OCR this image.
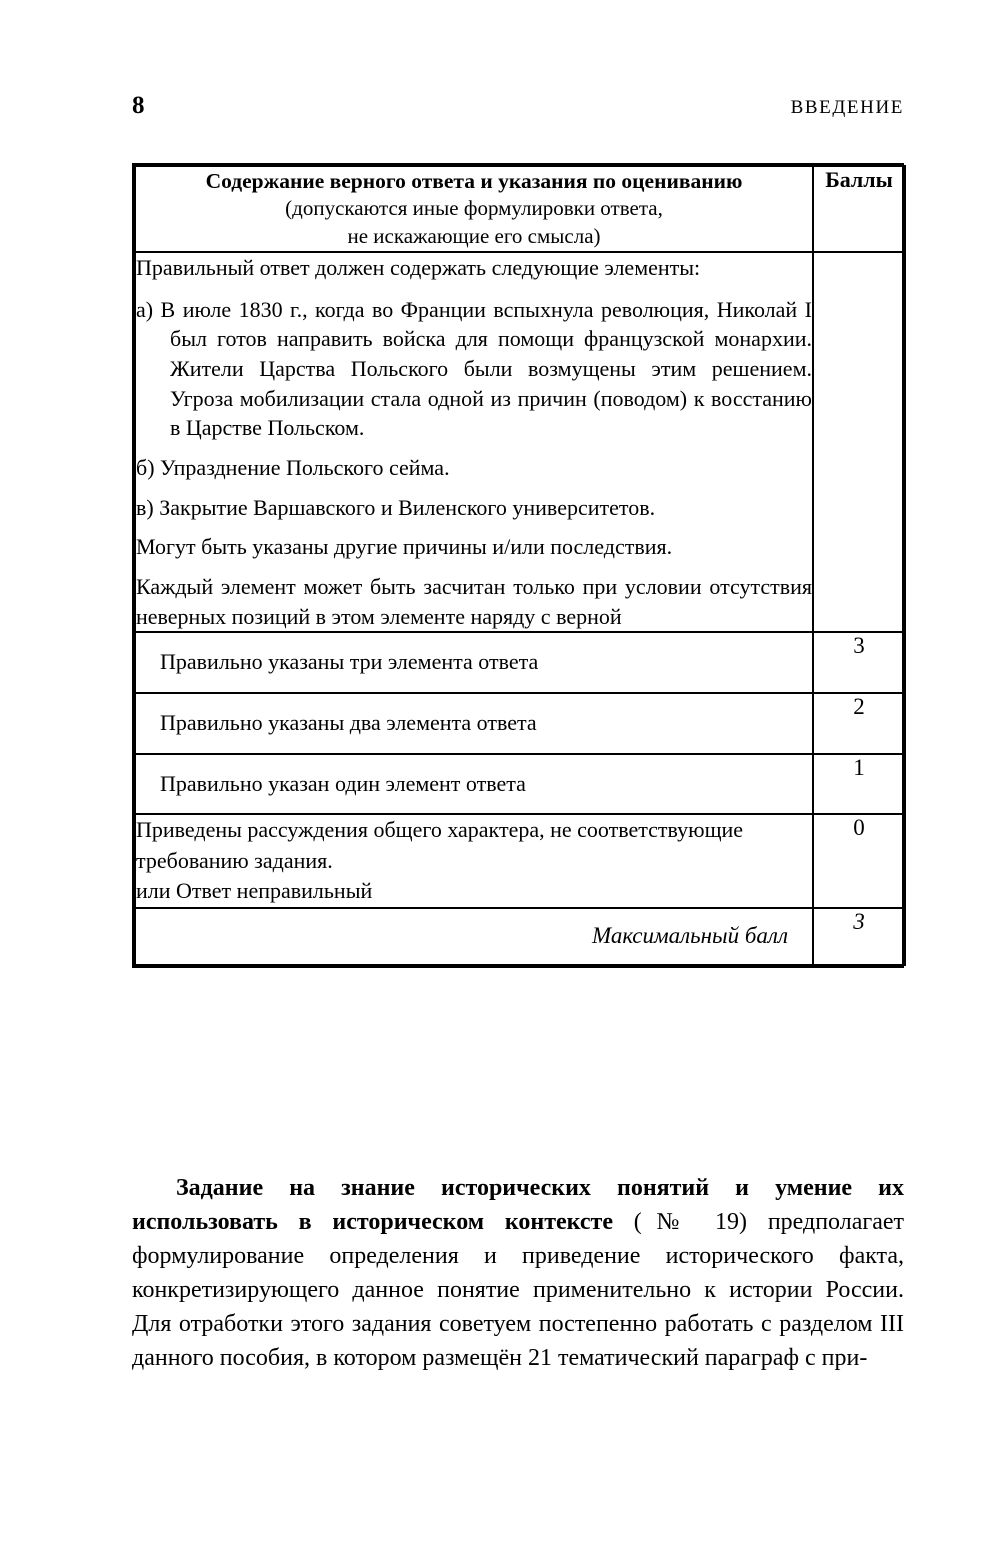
8	ВВЕДЕНИЕ
Содержание верного ответа и указания по оцениванию
(допускаются иные формулировки ответа,
не искажающие его смысла)	Баллы

Правильный ответ должен содержать следующие элементы:

а) В июле 1830 г., когда во Франции вспыхнула революция, Николай I был готов направить войска для помощи французской монархии. Жители Царства Польского были возмущены этим решением. Угроза мобилизации стала одной из причин (поводом) к восстанию в Царстве Польском.

б) Упразднение Польского сейма.

в) Закрытие Варшавского и Виленского университетов.

Могут быть указаны другие причины и/или последствия.

Каждый элемент может быть засчитан только при условии отсутствия неверных позиций в этом элементе наряду с верной

Правильно указаны три элемента ответа	3
Правильно указаны два элемента ответа	2
Правильно указан один элемент ответа	1

Приведены рассуждения общего характера, не соответствующие требованию задания.

или Ответ неправильный	0
Максимальный балл	3
Задание на знание исторических понятий и умение их использовать в историческом контексте (№ 19) предполагает формулирование определения и приведение исторического факта, конкретизирующего данное понятие применительно к истории России. Для отработки этого задания советуем постепенно работать с разделом III данного пособия, в котором размещён 21 тематический параграф с при-
